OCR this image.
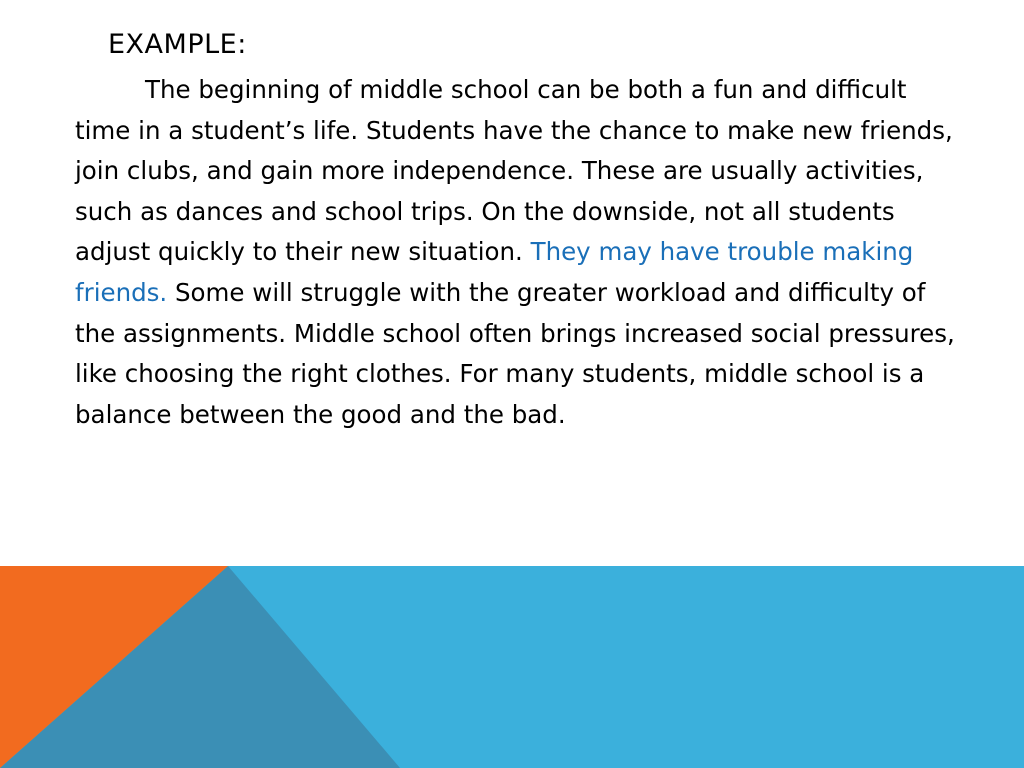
EXAMPLE:

The beginning of middle school can be both a fun and difficult time in a student’s life. Students have the chance to make new friends, join clubs, and gain more independence. These are usually activities, such as dances and school trips. On the downside, not all students adjust quickly to their new situation. They may have trouble making friends. Some will struggle with the greater workload and difficulty of the assignments. Middle school often brings increased social pressures, like choosing the right clothes. For many students, middle school is a balance between the good and the bad.
